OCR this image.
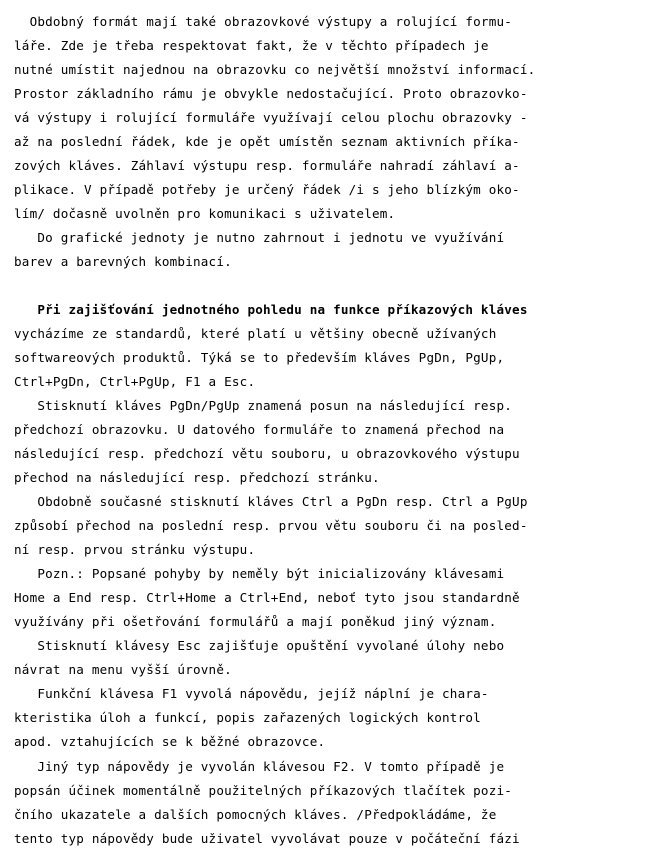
Obdobný formát mají také obrazovkové výstupy a rolující formu-
láře. Zde je třeba respektovat fakt, že v těchto případech je
nutné umístit najednou na obrazovku co největší množství informací.
Prostor základního rámu je obvykle nedostačující. Proto obrazovko-
vá výstupy i rolující formuláře využívají celou plochu obrazovky -
až na poslední řádek, kde je opět umístěn seznam aktivních příka-
zových kláves. Záhlaví výstupu resp. formuláře nahradí záhlaví a-
plikace. V případě potřeby je určený řádek /i s jeho blízkým oko-
lím/ dočasně uvolněn pro komunikaci s uživatelem.
Do grafické jednoty je nutno zahrnout i jednotu ve využívání
barev a barevných kombinací.
Při zajišťování jednotného pohledu na funkce příkazových kláves
vycházíme ze standardů, které platí u většiny obecně užívaných
softwareových produktů. Týká se to především kláves PgDn, PgUp,
Ctrl+PgDn, Ctrl+PgUp, F1 a Esc.
Stisknutí kláves PgDn/PgUp znamená posun na následující resp.
předchozí obrazovku. U datového formuláře to znamená přechod na
následující resp. předchozí větu souboru, u obrazovkového výstupu
přechod na následující resp. předchozí stránku.
Obdobně současné stisknutí kláves Ctrl a PgDn resp. Ctrl a PgUp
způsobí přechod na poslední resp. prvou větu souboru či na posled-
ní resp. prvou stránku výstupu.
Pozn.: Popsané pohyby by neměly být inicializovány klávesami
Home a End resp. Ctrl+Home a Ctrl+End, neboť tyto jsou standardně
využívány při ošetřování formulářů a mají poněkud jiný význam.
Stisknutí klávesy Esc zajišťuje opuštění vyvolané úlohy nebo
návrat na menu vyšší úrovně.
Funkční klávesa F1 vyvolá nápovědu, jejíž náplní je chara-
kteristika úloh a funkcí, popis zařazených logických kontrol
apod. vztahujících se k běžné obrazovce.
Jiný typ nápovědy je vyvolán klávesou F2. V tomto případě je
popsán účinek momentálně použitelných příkazových tlačítek pozi-
čního ukazatele a dalších pomocných kláves. /Předpokládáme, že
tento typ nápovědy bude uživatel vyvolávat pouze v počáteční fázi
